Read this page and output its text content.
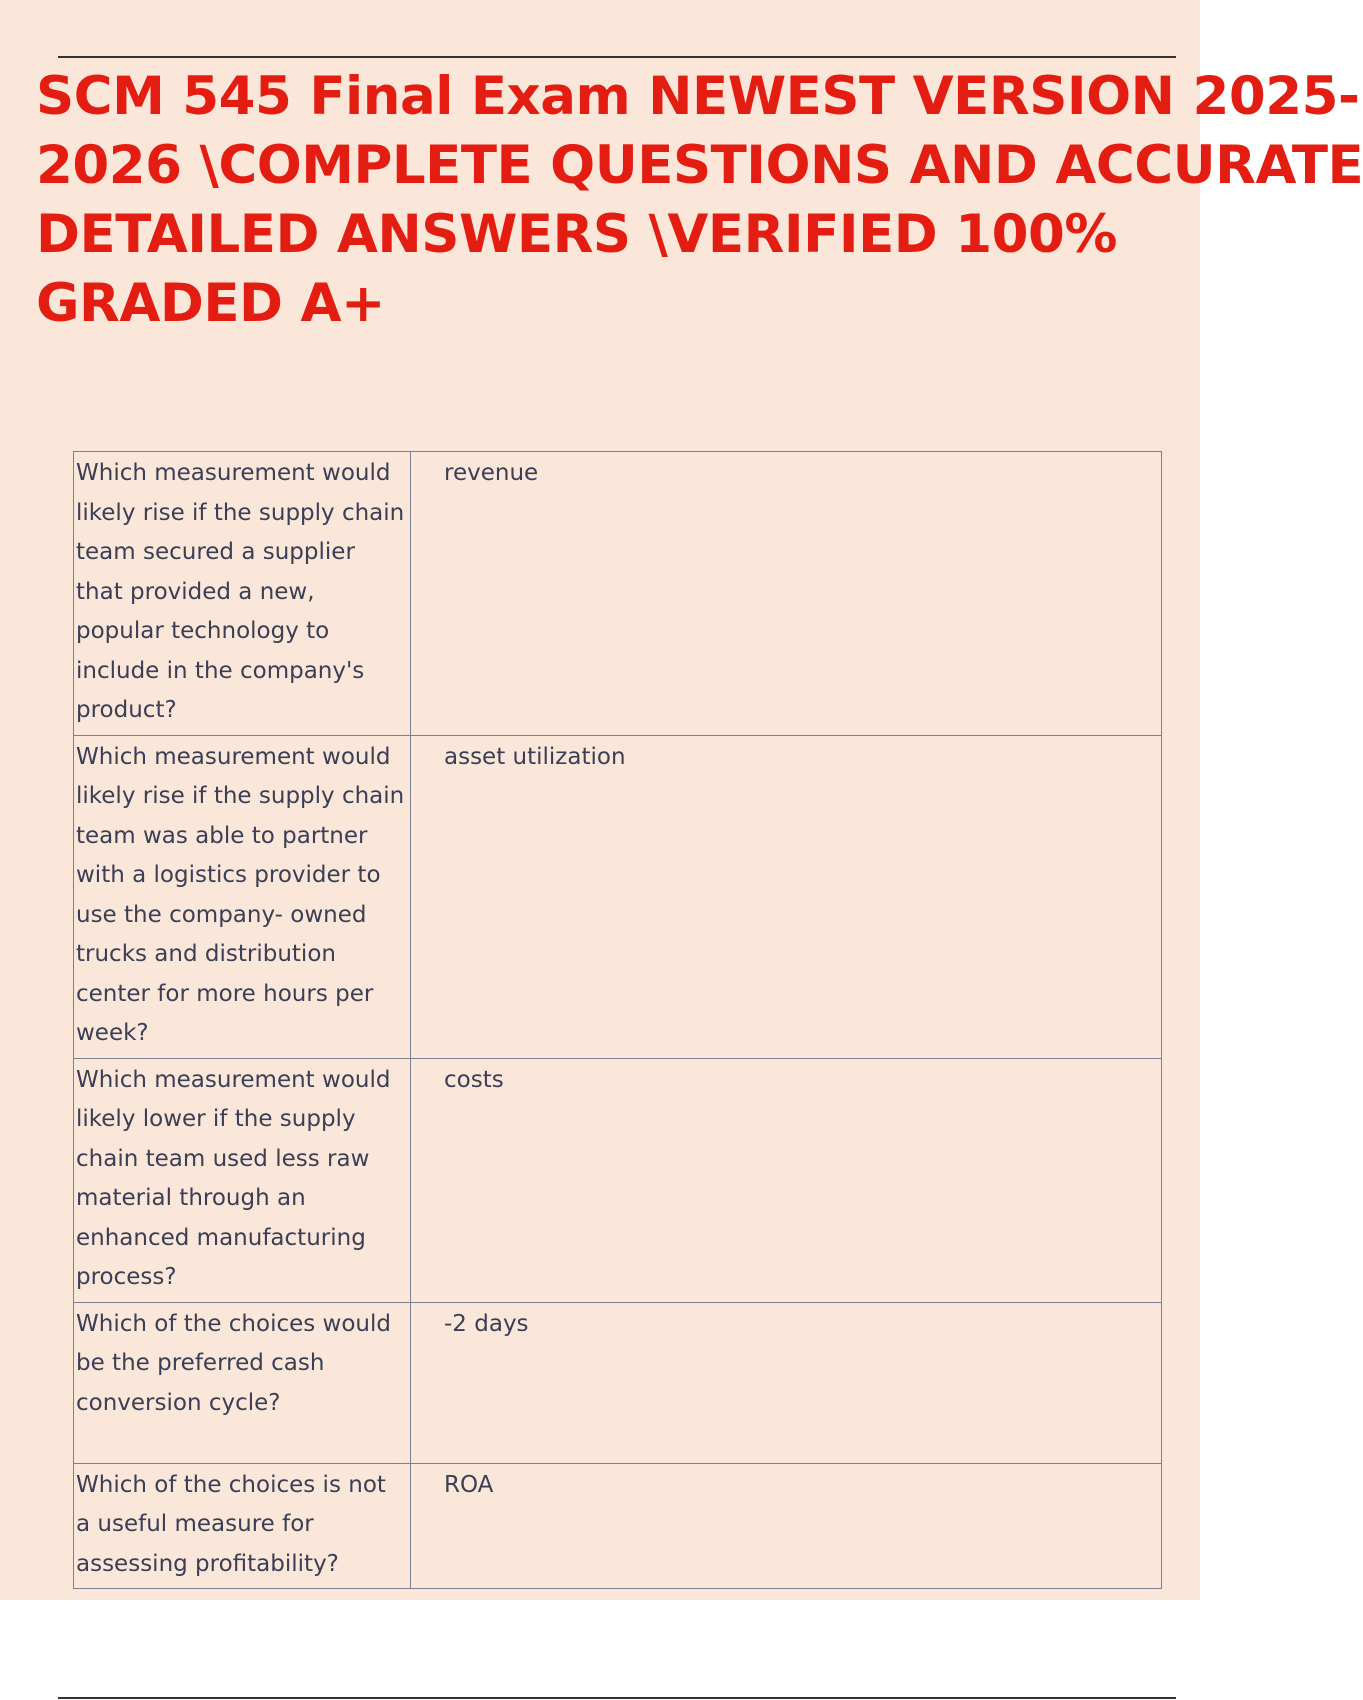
SCM 545 Final Exam NEWEST VERSION 2025-
2026 \COMPLETE QUESTIONS AND ACCURATE
DETAILED ANSWERS \VERIFIED 100%
GRADED A+
Which measurement would likely rise if the supply chain team secured a supplier that provided a new, popular technology to include in the company's product?	revenue
Which measurement would likely rise if the supply chain team was able to partner with a logistics provider to use the company- owned trucks and distribution center for more hours per week?	asset utilization
Which measurement would likely lower if the supply chain team used less raw material through an enhanced manufacturing process?	costs
Which of the choices would be the preferred cash conversion cycle?	-2 days
Which of the choices is not a useful measure for assessing profitability?	ROA
